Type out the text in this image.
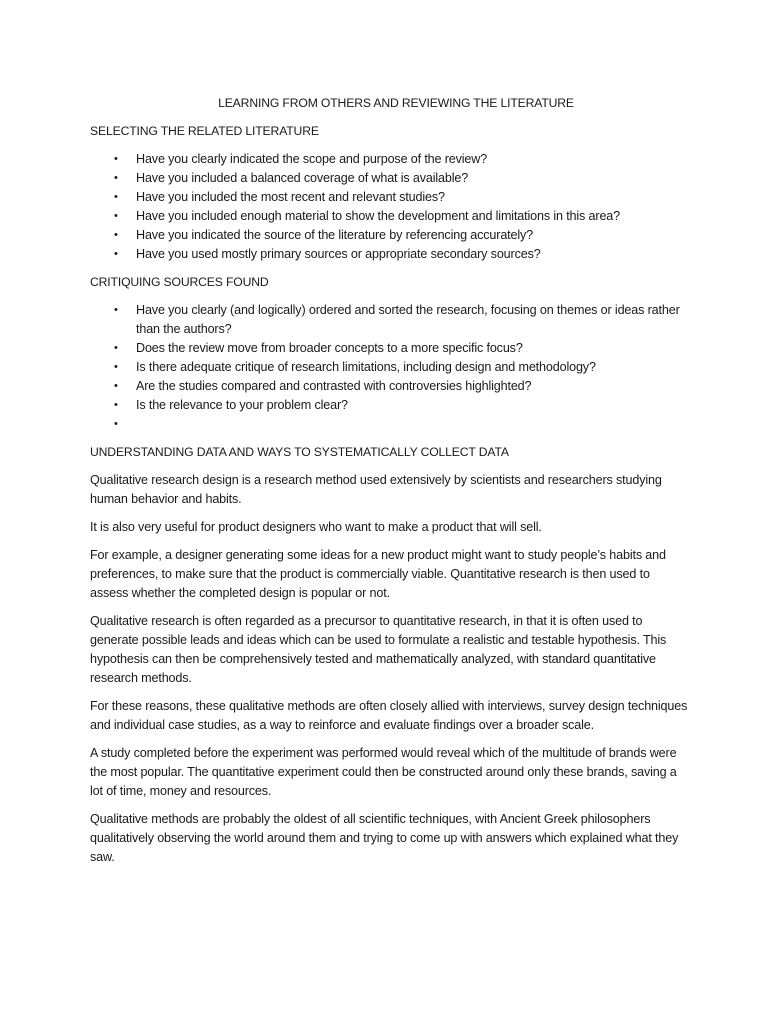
LEARNING FROM OTHERS AND REVIEWING THE LITERATURE
SELECTING THE RELATED LITERATURE
• Have you clearly indicated the scope and purpose of the review?
• Have you included a balanced coverage of what is available?
• Have you included the most recent and relevant studies?
• Have you included enough material to show the development and limitations in this area?
• Have you indicated the source of the literature by referencing accurately?
• Have you used mostly primary sources or appropriate secondary sources?
CRITIQUING SOURCES FOUND
• Have you clearly (and logically) ordered and sorted the research, focusing on themes or ideas rather than the authors?
• Does the review move from broader concepts to a more specific focus?
• Is there adequate critique of research limitations, including design and methodology?
• Are the studies compared and contrasted with controversies highlighted?
• Is the relevance to your problem clear?
•
UNDERSTANDING DATA AND WAYS TO SYSTEMATICALLY COLLECT DATA

Qualitative research design is a research method used extensively by scientists and researchers studying human behavior and habits.

It is also very useful for product designers who want to make a product that will sell.

For example, a designer generating some ideas for a new product might want to study people’s habits and preferences, to make sure that the product is commercially viable. Quantitative research is then used to assess whether the completed design is popular or not.

Qualitative research is often regarded as a precursor to quantitative research, in that it is often used to generate possible leads and ideas which can be used to formulate a realistic and testable hypothesis. This hypothesis can then be comprehensively tested and mathematically analyzed, with standard quantitative research methods.

For these reasons, these qualitative methods are often closely allied with interviews, survey design techniques and individual case studies, as a way to reinforce and evaluate findings over a broader scale.

A study completed before the experiment was performed would reveal which of the multitude of brands were the most popular. The quantitative experiment could then be constructed around only these brands, saving a lot of time, money and resources.

Qualitative methods are probably the oldest of all scientific techniques, with Ancient Greek philosophers qualitatively observing the world around them and trying to come up with answers which explained what they saw.
